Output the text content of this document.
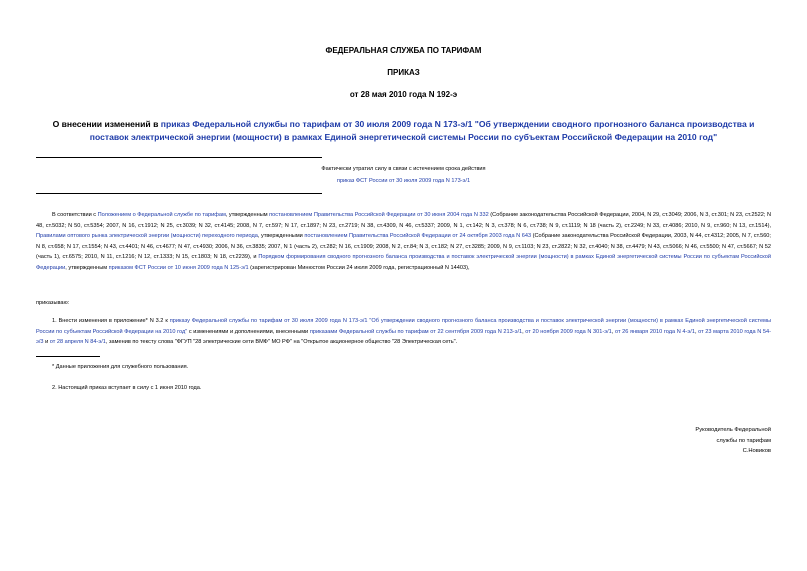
ФЕДЕРАЛЬНАЯ СЛУЖБА ПО ТАРИФАМ
ПРИКАЗ
от 28 мая 2010 года N 192-э
О внесении изменений в приказ Федеральной службы по тарифам от 30 июля 2009 года N 173-э/1 "Об утверждении сводного прогнозного баланса производства и поставок электрической энергии (мощности) в рамках Единой энергетической системы России по субъектам Российской Федерации на 2010 год"
Фактически утратил силу в связи с истечением срока действия
приказ ФСТ России от 30 июля 2009 года N 173-э/1
В соответствии с Положением о Федеральной службе по тарифам, утвержденным постановлением Правительства Российской Федерации от 30 июня 2004 года N 332 (Собрание законодательства Российской Федерации, 2004, N 29, ст.3049; 2006, N 3, ст.301; N 23, ст.2522; N 48, ст.5032; N 50, ст.5354; 2007, N 16, ст.1912; N 25, ст.3039; N 32, ст.4145; 2008, N 7, ст.597; N 17, ст.1897; N 23, ст.2719; N 38, ст.4309, N 46, ст.5337; 2009, N 1, ст.142; N 3, ст.378; N 6, ст.738; N 9, ст.1119; N 18 (часть 2), ст.2249; N 33, ст.4086; 2010, N 9, ст.960; N 13, ст.1514), Правилами оптового рынка электрической энергии (мощности) переходного периода, утвержденными постановлением Правительства Российской Федерации от 24 октября 2003 года N 643 (Собрание законодательства Российской Федерации, 2003, N 44, ст.4312; 2005, N 7, ст.560; N 8, ст.658; N 17, ст.1554; N 43, ст.4401; N 46, ст.4677; N 47, ст.4930; 2006, N 36, ст.3835; 2007, N 1 (часть 2), ст.282; N 16, ст.1909; 2008, N 2, ст.84; N 3, ст.182; N 27, ст.3285; 2009, N 9, ст.1103; N 23, ст.2822; N 32, ст.4040; N 38, ст.4479; N 43, ст.5066; N 46, ст.5500; N 47, ст.5667; N 52 (часть 1), ст.6575; 2010, N 11, ст.1216; N 12, ст.1333; N 15, ст.1803; N 18, ст.2239), и Порядком формирования сводного прогнозного баланса производства и поставок электрической энергии (мощности) в рамках Единой энергетической системы России по субъектам Российской Федерации, утвержденным приказом ФСТ России от 10 июня 2009 года N 125-э/1 (зарегистрирован Минюстом России 24 июля 2009 года, регистрационный N 14403),
приказываю:
1. Внести изменения в приложение* N 3.2 к приказу Федеральной службы по тарифам от 30 июля 2009 года N 173-э/1 "Об утверждении сводного прогнозного баланса производства и поставок электрической энергии (мощности) в рамках Единой энергетической системы России по субъектам Российской Федерации на 2010 год" с изменениями и дополнениями, внесенными приказами Федеральной службы по тарифам от 22 сентября 2009 года N 213-э/1, от 20 ноября 2009 года N 301-э/1, от 26 января 2010 года N 4-э/1, от 23 марта 2010 года N 54-э/3 и от 28 апреля N 84-э/1, заменив по тексту слова "ФГУП "28 электрические сети ВМФ" МО РФ" на "Открытое акционерное общество "28 Электрическая сеть".
* Данные приложения для служебного пользования.
2. Настоящий приказ вступает в силу с 1 июня 2010 года.
Руководитель Федеральной
службы по тарифам
С.Новиков
